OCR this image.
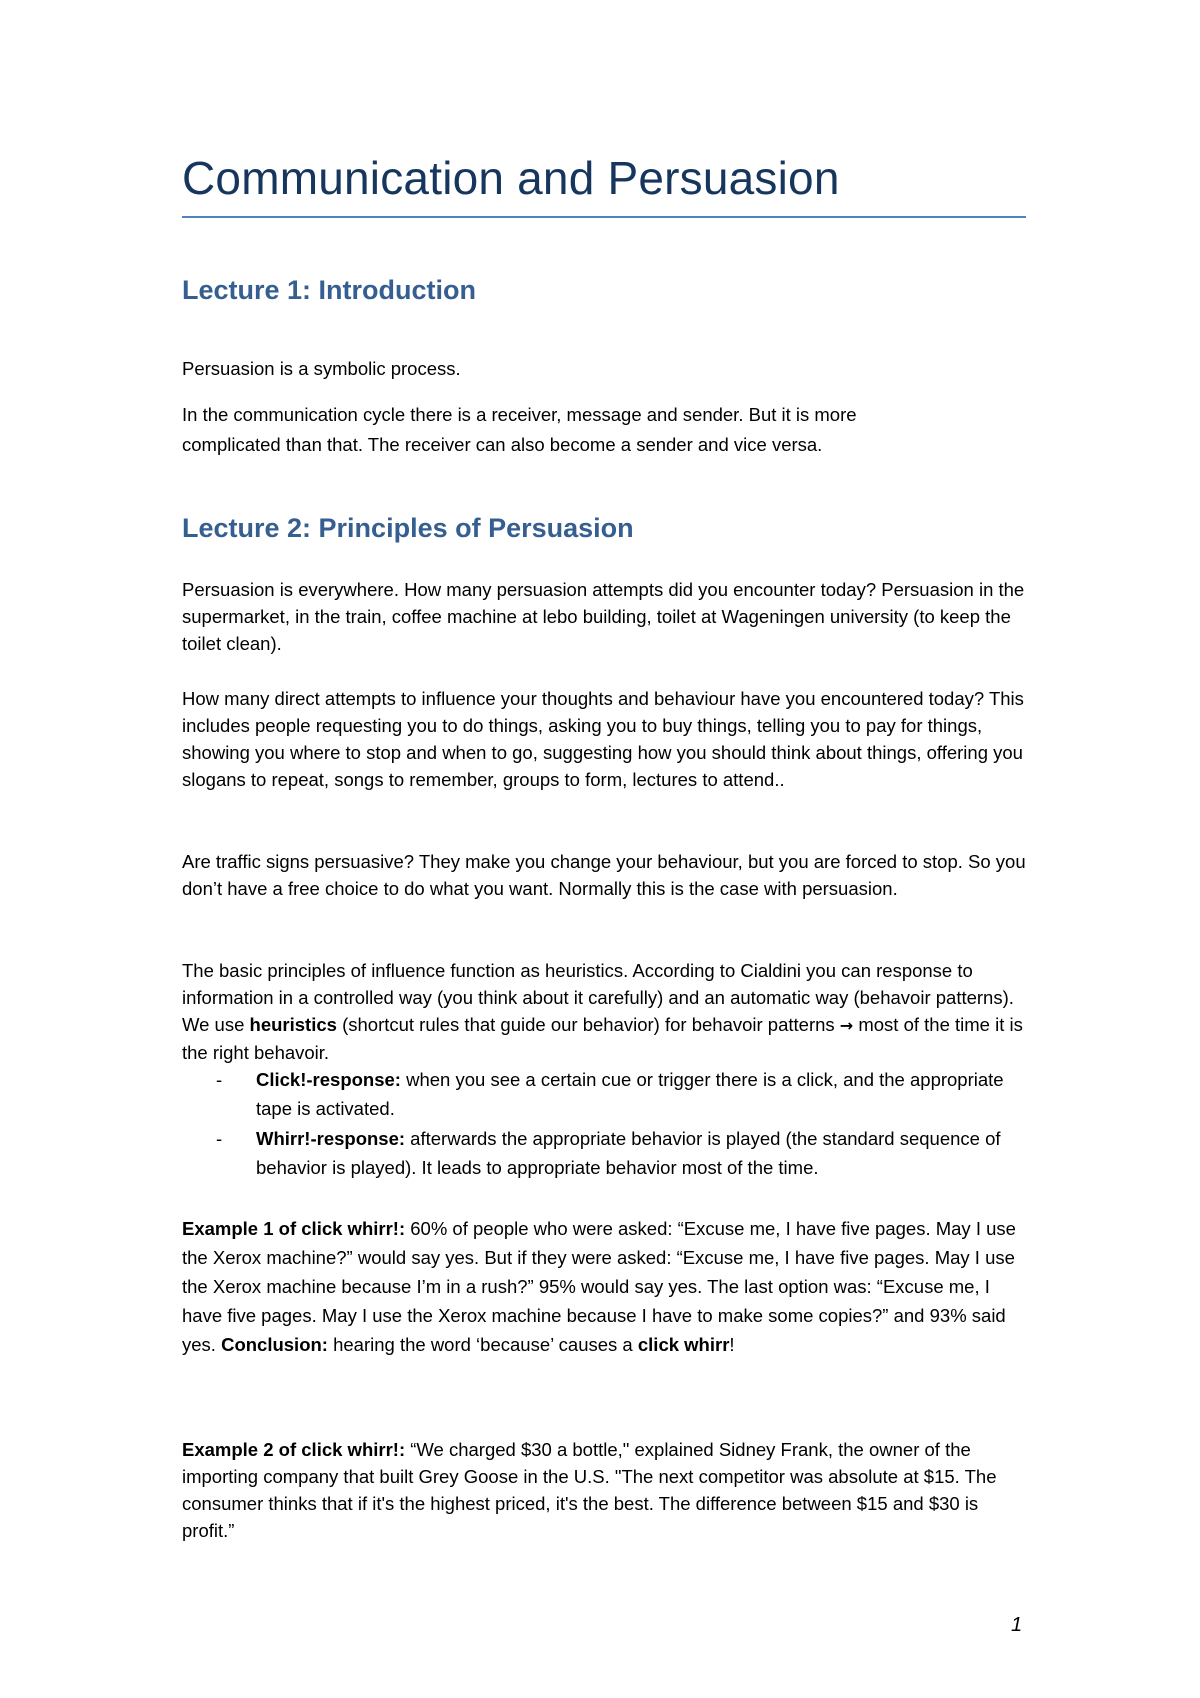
Communication and Persuasion
Lecture 1: Introduction

Persuasion is a symbolic process.

In the communication cycle there is a receiver, message and sender. But it is more
complicated than that. The receiver can also become a sender and vice versa.

Lecture 2: Principles of Persuasion

Persuasion is everywhere. How many persuasion attempts did you encounter today? Persuasion in the supermarket, in the train, coffee machine at lebo building, toilet at Wageningen university (to keep the toilet clean).

How many direct attempts to influence your thoughts and behaviour have you encountered today? This includes people requesting you to do things, asking you to buy things, telling you to pay for things, showing you where to stop and when to go, suggesting how you should think about things, offering you slogans to repeat, songs to remember, groups to form, lectures to attend..

Are traffic signs persuasive? They make you change your behaviour, but you are forced to stop. So you don’t have a free choice to do what you want. Normally this is the case with persuasion.

The basic principles of influence function as heuristics. According to Cialdini you can response to information in a controlled way (you think about it carefully) and an automatic way (behavoir patterns). We use heuristics (shortcut rules that guide our behavior) for behavoir patterns → most of the time it is the right behavoir.

- Click!-response: when you see a certain cue or trigger there is a click, and the appropriate tape is activated.

- Whirr!-response: afterwards the appropriate behavior is played (the standard sequence of behavior is played). It leads to appropriate behavior most of the time.

Example 1 of click whirr!: 60% of people who were asked: “Excuse me, I have five pages. May I use the Xerox machine?” would say yes. But if they were asked: “Excuse me, I have five pages. May I use the Xerox machine because I’m in a rush?” 95% would say yes. The last option was: “Excuse me, I have five pages. May I use the Xerox machine because I have to make some copies?” and 93% said yes. Conclusion: hearing the word ‘because’ causes a click whirr!

Example 2 of click whirr!: “We charged $30 a bottle," explained Sidney Frank, the owner of the importing company that built Grey Goose in the U.S. "The next competitor was absolute at $15. The consumer thinks that if it's the highest priced, it's the best. The difference between $15 and $30 is profit.”

1
